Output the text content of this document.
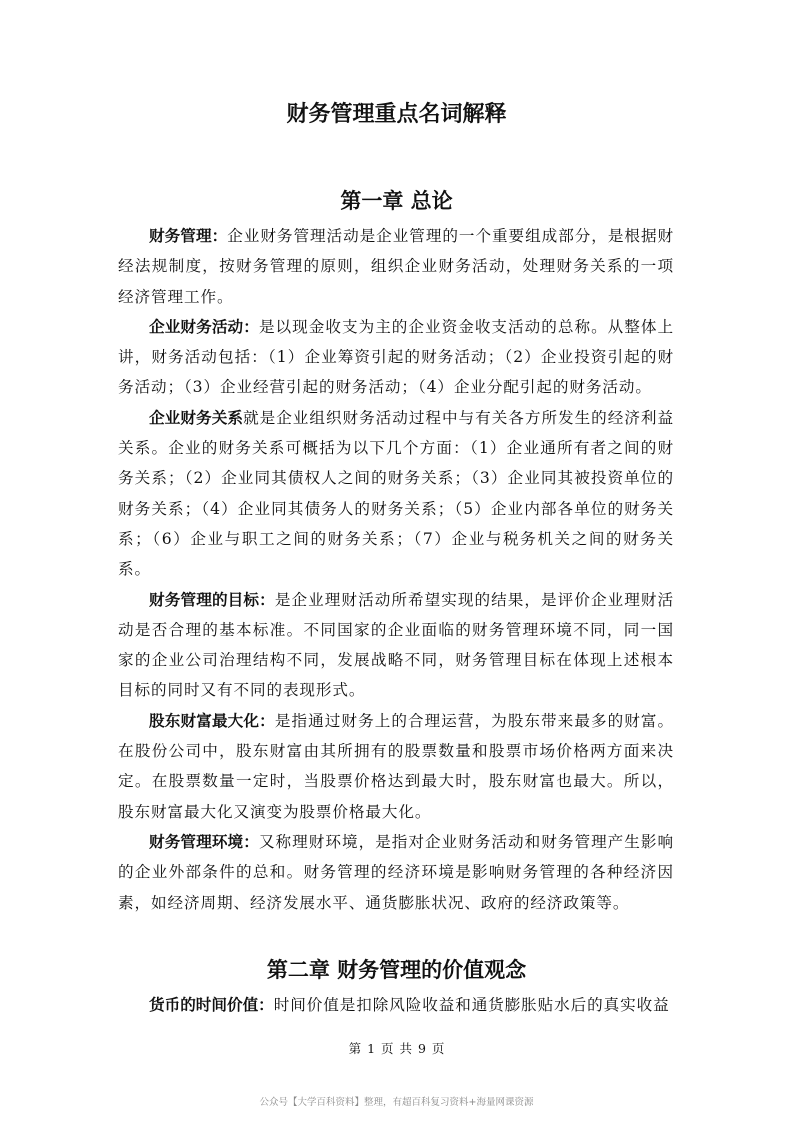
财务管理重点名词解释
第一章 总论

财务管理：企业财务管理活动是企业管理的一个重要组成部分，是根据财经法规制度，按财务管理的原则，组织企业财务活动，处理财务关系的一项经济管理工作。

企业财务活动：是以现金收支为主的企业资金收支活动的总称。从整体上讲，财务活动包括：（1）企业筹资引起的财务活动；（2）企业投资引起的财务活动；（3）企业经营引起的财务活动；（4）企业分配引起的财务活动。

企业财务关系就是企业组织财务活动过程中与有关各方所发生的经济利益关系。企业的财务关系可概括为以下几个方面：（1）企业通所有者之间的财务关系；（2）企业同其债权人之间的财务关系；（3）企业同其被投资单位的财务关系；（4）企业同其债务人的财务关系；（5）企业内部各单位的财务关系；（6）企业与职工之间的财务关系；（7）企业与税务机关之间的财务关系。

财务管理的目标：是企业理财活动所希望实现的结果，是评价企业理财活动是否合理的基本标准。不同国家的企业面临的财务管理环境不同，同一国家的企业公司治理结构不同，发展战略不同，财务管理目标在体现上述根本目标的同时又有不同的表现形式。

股东财富最大化：是指通过财务上的合理运营，为股东带来最多的财富。在股份公司中，股东财富由其所拥有的股票数量和股票市场价格两方面来决定。在股票数量一定时，当股票价格达到最大时，股东财富也最大。所以，股东财富最大化又演变为股票价格最大化。

财务管理环境：又称理财环境，是指对企业财务活动和财务管理产生影响的企业外部条件的总和。财务管理的经济环境是影响财务管理的各种经济因素，如经济周期、经济发展水平、通货膨胀状况、政府的经济政策等。

第二章 财务管理的价值观念

货币的时间价值：时间价值是扣除风险收益和通货膨胀贴水后的真实收益

第 1 页 共 9 页
公众号【大学百科资料】整理，有超百科复习资料+海量网课资源
